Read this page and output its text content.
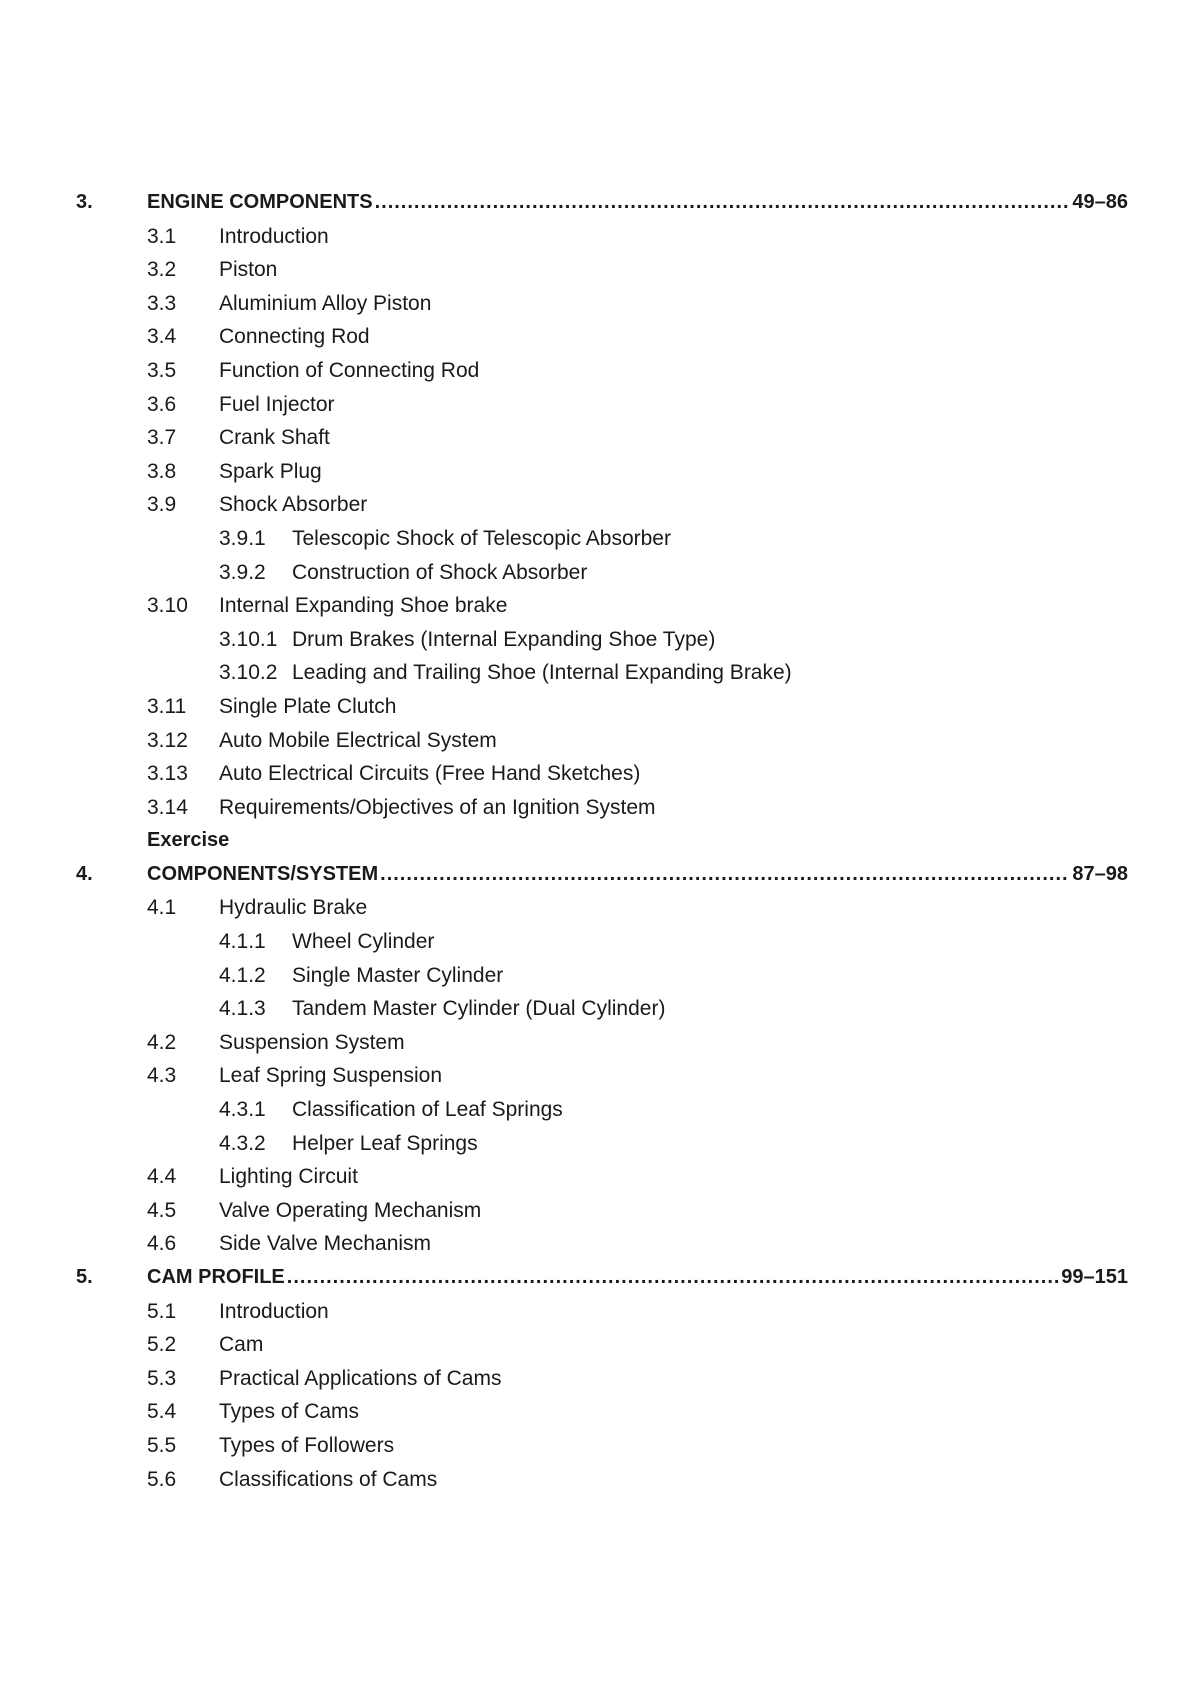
3.	ENGINE COMPONENTS .....	49–86
3.1 Introduction
3.2 Piston
3.3 Aluminium Alloy Piston
3.4 Connecting Rod
3.5 Function of Connecting Rod
3.6 Fuel Injector
3.7 Crank Shaft
3.8 Spark Plug
3.9 Shock Absorber
3.9.1 Telescopic Shock of Telescopic Absorber
3.9.2 Construction of Shock Absorber
3.10 Internal Expanding Shoe brake
3.10.1 Drum Brakes (Internal Expanding Shoe Type)
3.10.2 Leading and Trailing Shoe (Internal Expanding Brake)
3.11 Single Plate Clutch
3.12 Auto Mobile Electrical System
3.13 Auto Electrical Circuits (Free Hand Sketches)
3.14 Requirements/Objectives of an Ignition System
Exercise
4.	COMPONENTS/SYSTEM .....	87–98
4.1 Hydraulic Brake
4.1.1 Wheel Cylinder
4.1.2 Single Master Cylinder
4.1.3 Tandem Master Cylinder (Dual Cylinder)
4.2 Suspension System
4.3 Leaf Spring Suspension
4.3.1 Classification of Leaf Springs
4.3.2 Helper Leaf Springs
4.4 Lighting Circuit
4.5 Valve Operating Mechanism
4.6 Side Valve Mechanism
5.	CAM PROFILE .....	99–151
5.1 Introduction
5.2 Cam
5.3 Practical Applications of Cams
5.4 Types of Cams
5.5 Types of Followers
5.6 Classifications of Cams
